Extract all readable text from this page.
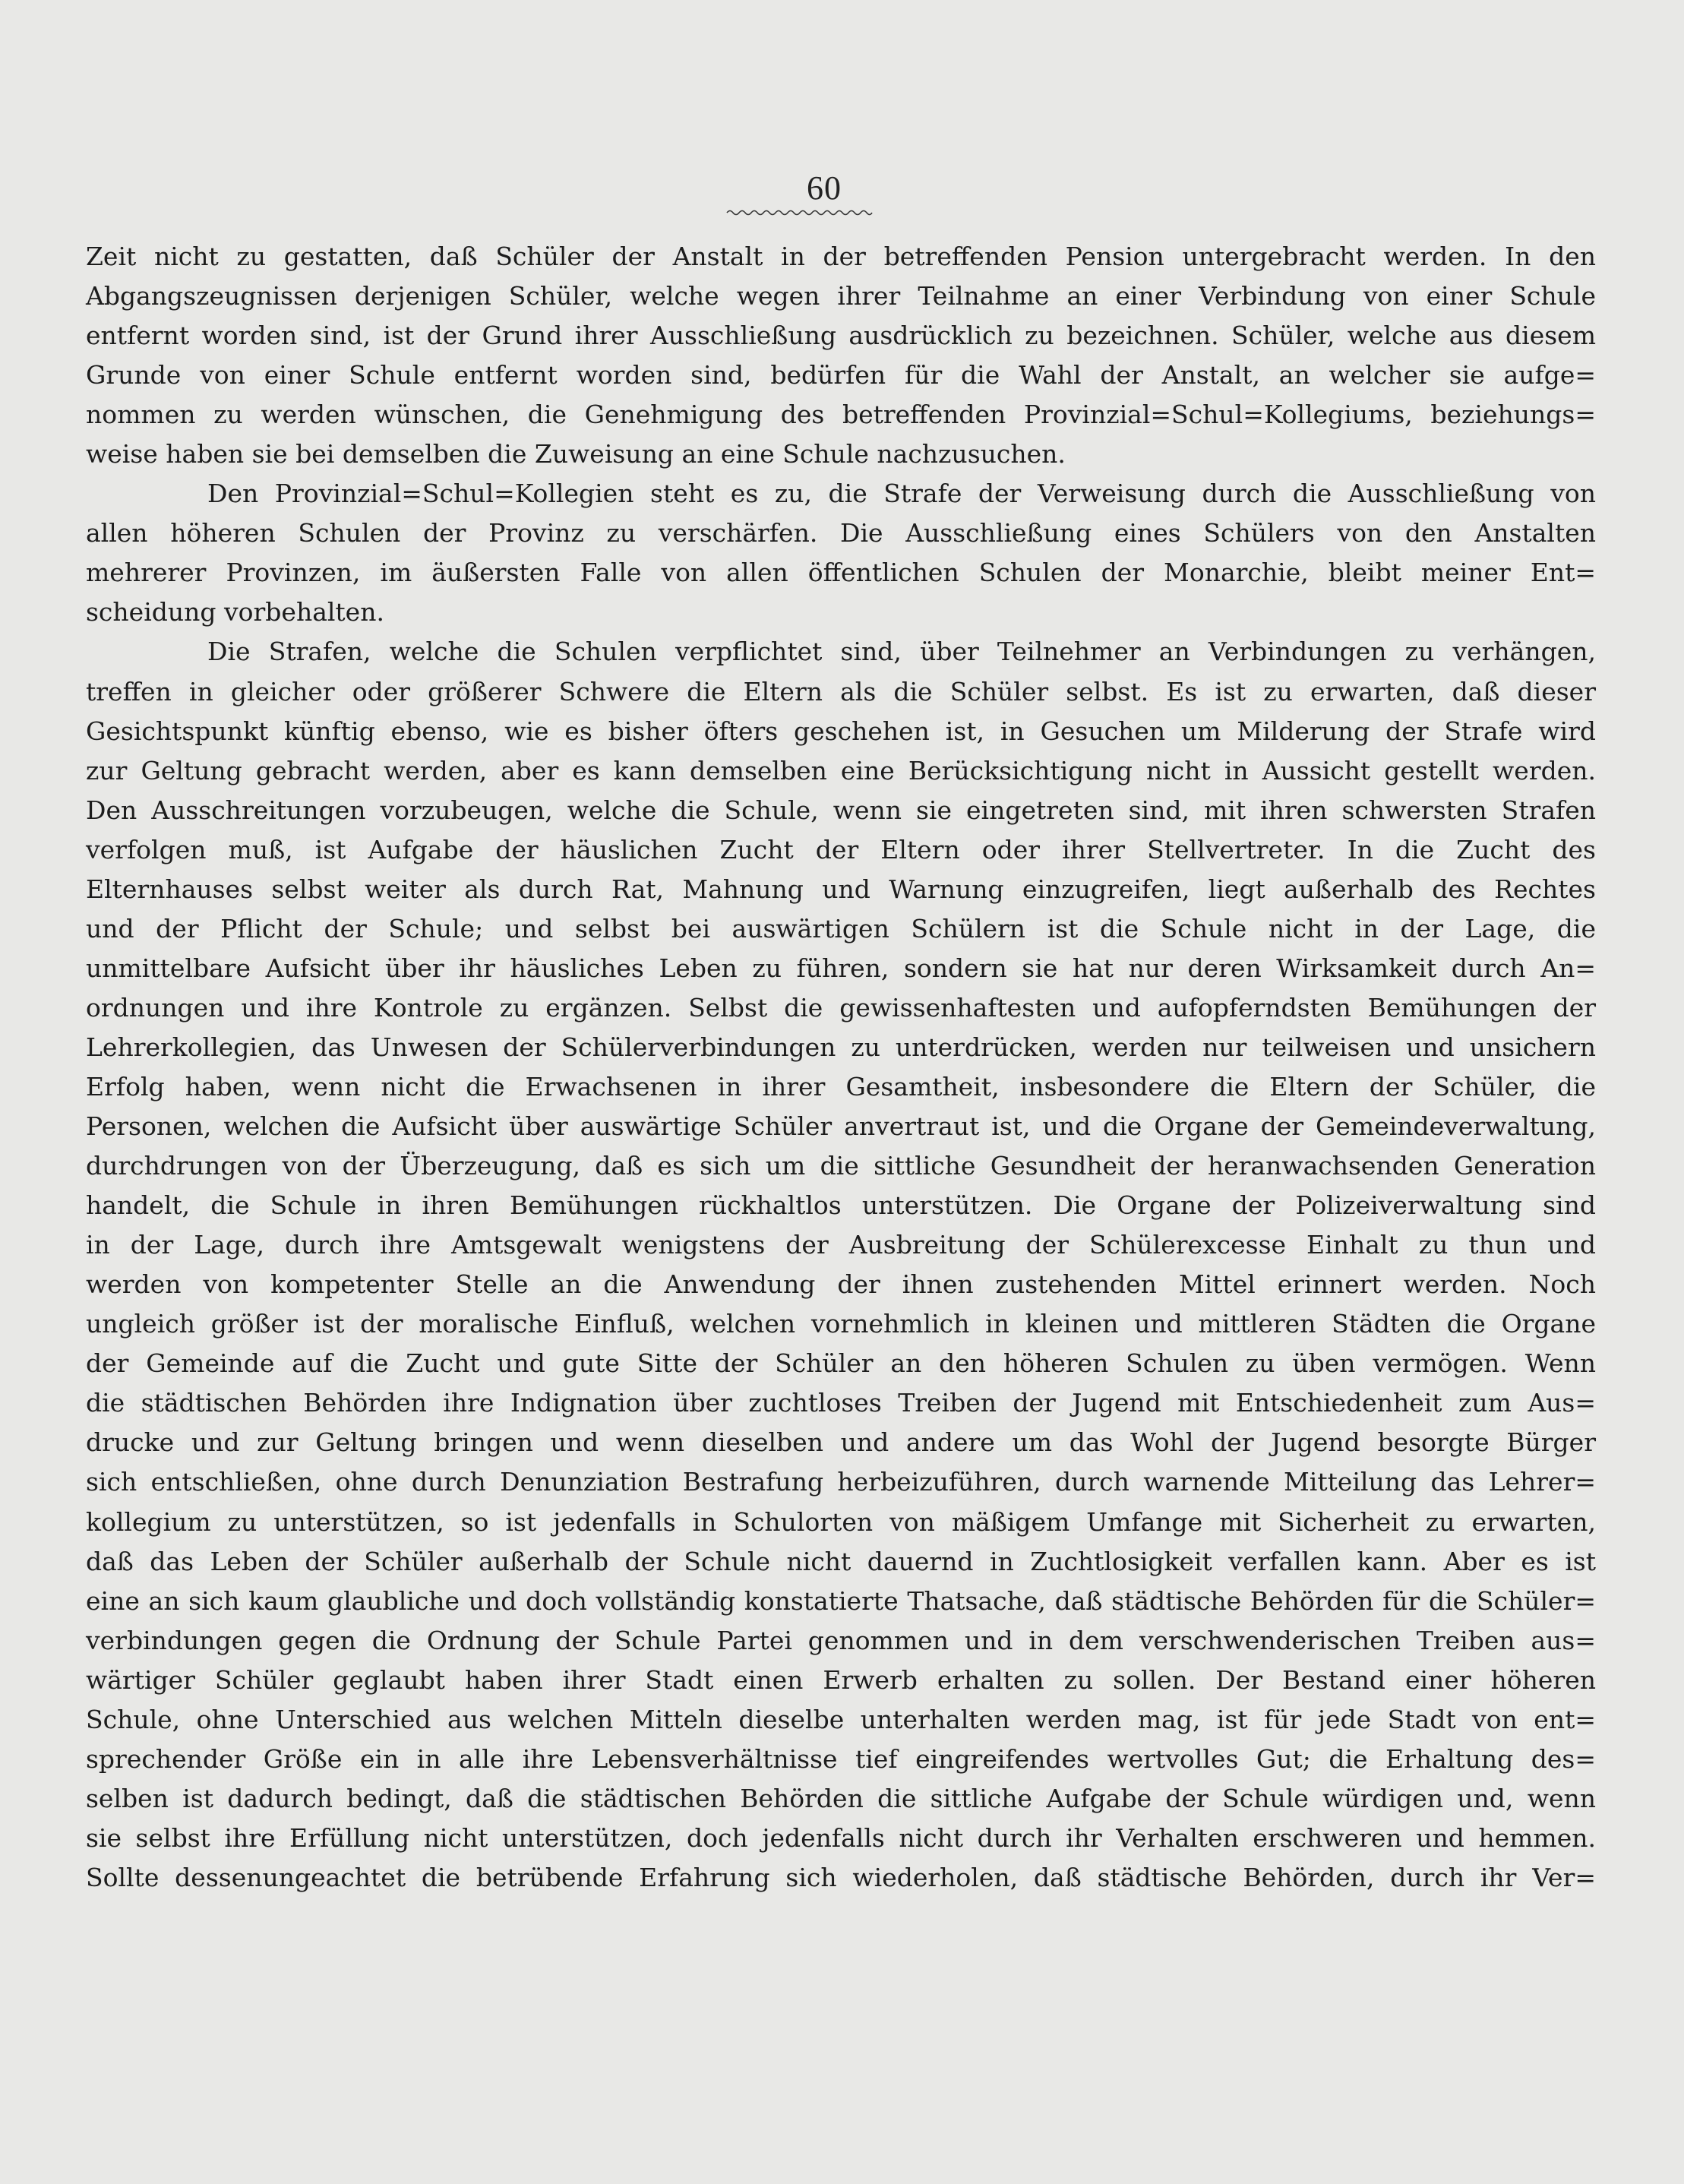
60
Zeit nicht zu gestatten, daß Schüler der Anstalt in der betreffenden Pension untergebracht werden. In den
Abgangszeugnissen derjenigen Schüler, welche wegen ihrer Teilnahme an einer Verbindung von einer Schule
entfernt worden sind, ist der Grund ihrer Ausschließung ausdrücklich zu bezeichnen. Schüler, welche aus diesem
Grunde von einer Schule entfernt worden sind, bedürfen für die Wahl der Anstalt, an welcher sie aufge=
nommen zu werden wünschen, die Genehmigung des betreffenden Provinzial=Schul=Kollegiums, beziehungs=
weise haben sie bei demselben die Zuweisung an eine Schule nachzusuchen.
Den Provinzial=Schul=Kollegien steht es zu, die Strafe der Verweisung durch die Ausschließung von
allen höheren Schulen der Provinz zu verschärfen. Die Ausschließung eines Schülers von den Anstalten
mehrerer Provinzen, im äußersten Falle von allen öffentlichen Schulen der Monarchie, bleibt meiner Ent=
scheidung vorbehalten.
Die Strafen, welche die Schulen verpflichtet sind, über Teilnehmer an Verbindungen zu verhängen,
treffen in gleicher oder größerer Schwere die Eltern als die Schüler selbst. Es ist zu erwarten, daß dieser
Gesichtspunkt künftig ebenso, wie es bisher öfters geschehen ist, in Gesuchen um Milderung der Strafe wird
zur Geltung gebracht werden, aber es kann demselben eine Berücksichtigung nicht in Aussicht gestellt werden.
Den Ausschreitungen vorzubeugen, welche die Schule, wenn sie eingetreten sind, mit ihren schwersten Strafen
verfolgen muß, ist Aufgabe der häuslichen Zucht der Eltern oder ihrer Stellvertreter. In die Zucht des
Elternhauses selbst weiter als durch Rat, Mahnung und Warnung einzugreifen, liegt außerhalb des Rechtes
und der Pflicht der Schule; und selbst bei auswärtigen Schülern ist die Schule nicht in der Lage, die
unmittelbare Aufsicht über ihr häusliches Leben zu führen, sondern sie hat nur deren Wirksamkeit durch An=
ordnungen und ihre Kontrole zu ergänzen. Selbst die gewissenhaftesten und aufopferndsten Bemühungen der
Lehrerkollegien, das Unwesen der Schülerverbindungen zu unterdrücken, werden nur teilweisen und unsichern
Erfolg haben, wenn nicht die Erwachsenen in ihrer Gesamtheit, insbesondere die Eltern der Schüler, die
Personen, welchen die Aufsicht über auswärtige Schüler anvertraut ist, und die Organe der Gemeindeverwaltung,
durchdrungen von der Überzeugung, daß es sich um die sittliche Gesundheit der heranwachsenden Generation
handelt, die Schule in ihren Bemühungen rückhaltlos unterstützen. Die Organe der Polizeiverwaltung sind
in der Lage, durch ihre Amtsgewalt wenigstens der Ausbreitung der Schülerexcesse Einhalt zu thun und
werden von kompetenter Stelle an die Anwendung der ihnen zustehenden Mittel erinnert werden. Noch
ungleich größer ist der moralische Einfluß, welchen vornehmlich in kleinen und mittleren Städten die Organe
der Gemeinde auf die Zucht und gute Sitte der Schüler an den höheren Schulen zu üben vermögen. Wenn
die städtischen Behörden ihre Indignation über zuchtloses Treiben der Jugend mit Entschiedenheit zum Aus=
drucke und zur Geltung bringen und wenn dieselben und andere um das Wohl der Jugend besorgte Bürger
sich entschließen, ohne durch Denunziation Bestrafung herbeizuführen, durch warnende Mitteilung das Lehrer=
kollegium zu unterstützen, so ist jedenfalls in Schulorten von mäßigem Umfange mit Sicherheit zu erwarten,
daß das Leben der Schüler außerhalb der Schule nicht dauernd in Zuchtlosigkeit verfallen kann. Aber es ist
eine an sich kaum glaubliche und doch vollständig konstatierte Thatsache, daß städtische Behörden für die Schüler=
verbindungen gegen die Ordnung der Schule Partei genommen und in dem verschwenderischen Treiben aus=
wärtiger Schüler geglaubt haben ihrer Stadt einen Erwerb erhalten zu sollen. Der Bestand einer höheren
Schule, ohne Unterschied aus welchen Mitteln dieselbe unterhalten werden mag, ist für jede Stadt von ent=
sprechender Größe ein in alle ihre Lebensverhältnisse tief eingreifendes wertvolles Gut; die Erhaltung des=
selben ist dadurch bedingt, daß die städtischen Behörden die sittliche Aufgabe der Schule würdigen und, wenn
sie selbst ihre Erfüllung nicht unterstützen, doch jedenfalls nicht durch ihr Verhalten erschweren und hemmen.
Sollte dessenungeachtet die betrübende Erfahrung sich wiederholen, daß städtische Behörden, durch ihr Ver=
